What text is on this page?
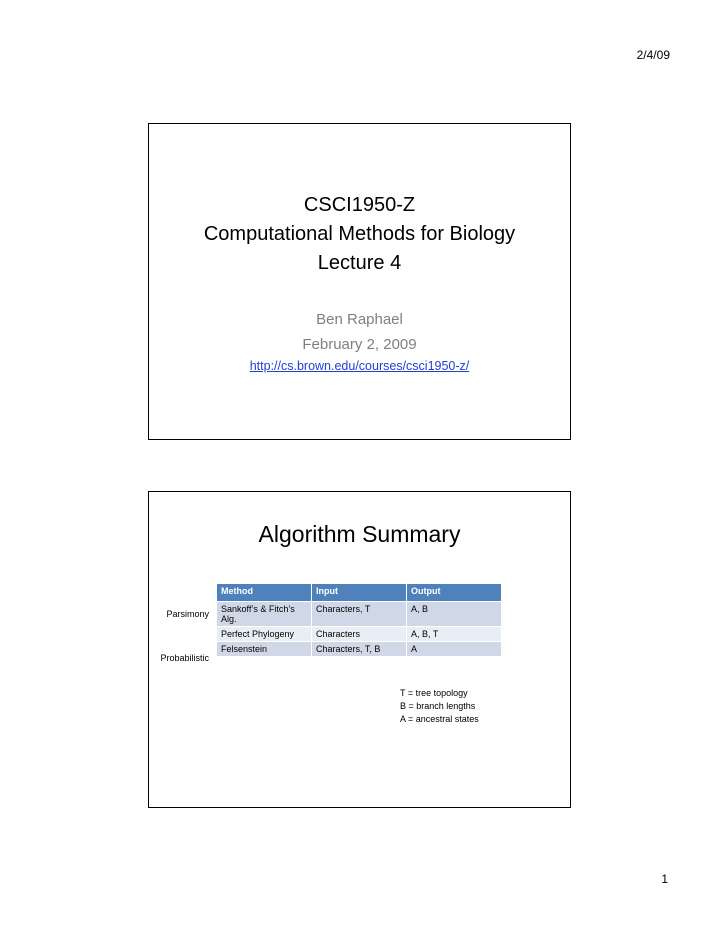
2/4/09
CSCI1950-Z
Computational Methods for Biology
Lecture 4
Ben Raphael
February 2, 2009
http://cs.brown.edu/courses/csci1950-z/
Algorithm Summary
Parsimony
Probabilistic
Method	Input	Output
Sankoff’s & Fitch’s Alg.	Characters, T	A, B
Perfect Phylogeny	Characters	A, B, T
Felsenstein	Characters, T, B	A
T = tree topology
B = branch lengths
A = ancestral states
1
